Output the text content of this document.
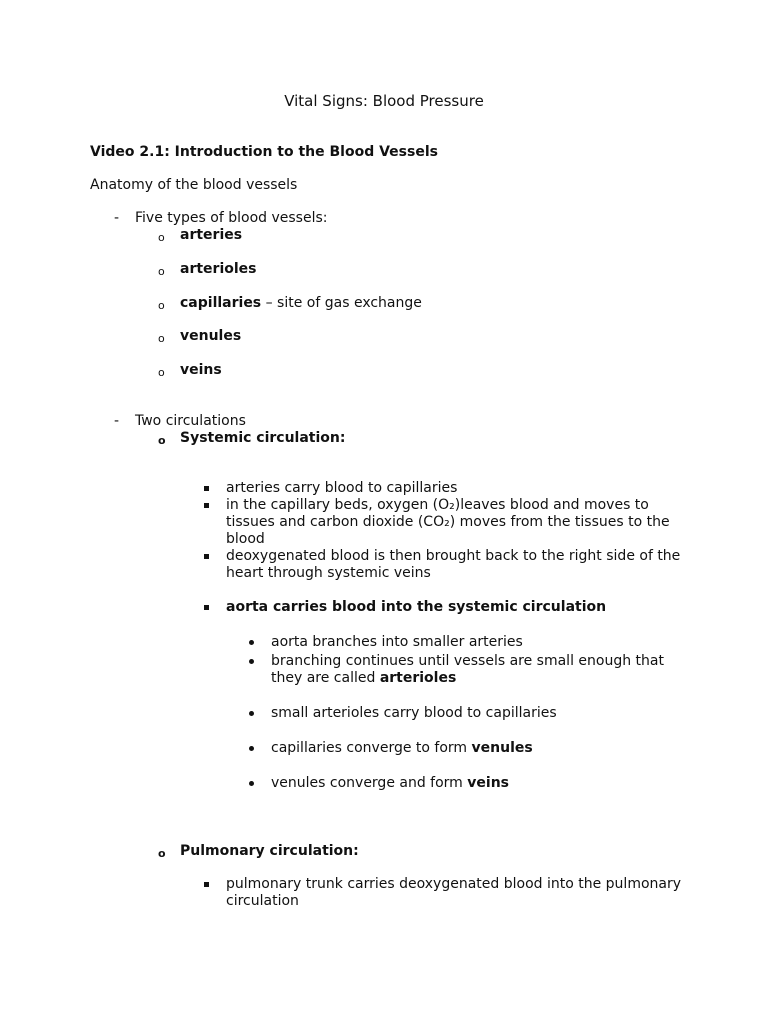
Vital Signs: Blood Pressure
Video 2.1: Introduction to the Blood Vessels
Anatomy of the blood vessels
- Five types of blood vessels:
o arteries
o arterioles
o capillaries – site of gas exchange
o venules
o veins
- Two circulations
o Systemic circulation:
arteries carry blood to capillaries
in the capillary beds, oxygen (O₂)leaves blood and moves to tissues and carbon dioxide (CO₂) moves from the tissues to the blood
deoxygenated blood is then brought back to the right side of the heart through systemic veins
aorta carries blood into the systemic circulation
aorta branches into smaller arteries
branching continues until vessels are small enough that they are called arterioles
small arterioles carry blood to capillaries
capillaries converge to form venules
venules converge and form veins
o Pulmonary circulation:
pulmonary trunk carries deoxygenated blood into the pulmonary circulation
